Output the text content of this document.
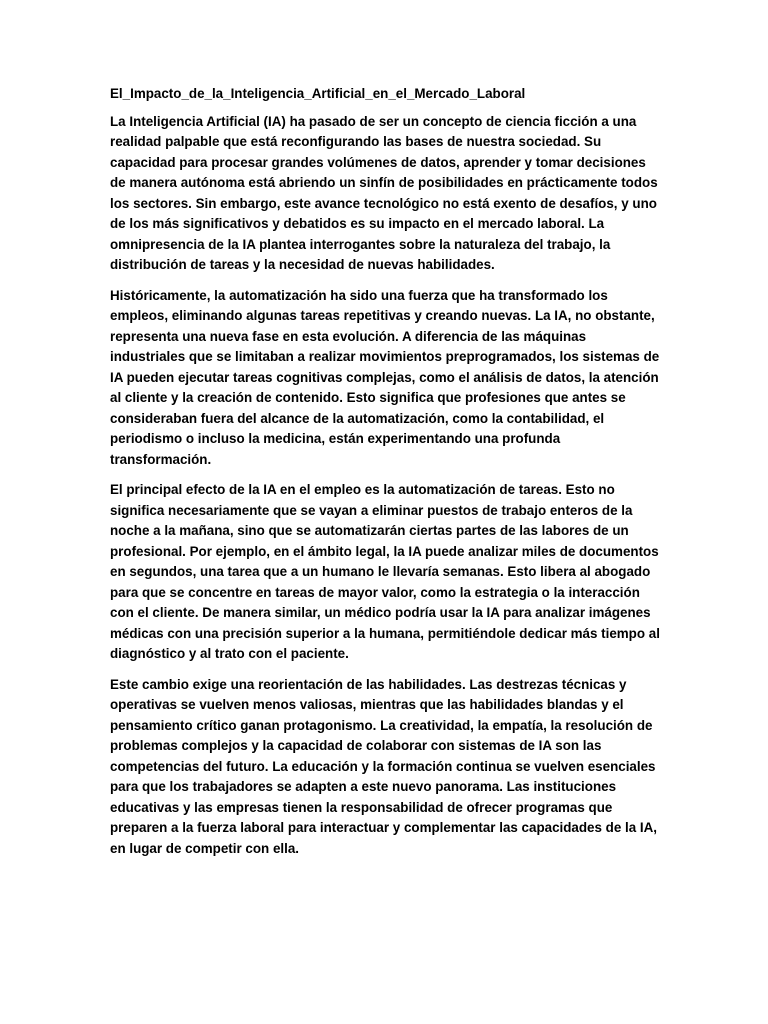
El_Impacto_de_la_Inteligencia_Artificial_en_el_Mercado_Laboral

La Inteligencia Artificial (IA) ha pasado de ser un concepto de ciencia ficción a una realidad palpable que está reconfigurando las bases de nuestra sociedad. Su capacidad para procesar grandes volúmenes de datos, aprender y tomar decisiones de manera autónoma está abriendo un sinfín de posibilidades en prácticamente todos los sectores. Sin embargo, este avance tecnológico no está exento de desafíos, y uno de los más significativos y debatidos es su impacto en el mercado laboral. La omnipresencia de la IA plantea interrogantes sobre la naturaleza del trabajo, la distribución de tareas y la necesidad de nuevas habilidades.

Históricamente, la automatización ha sido una fuerza que ha transformado los empleos, eliminando algunas tareas repetitivas y creando nuevas. La IA, no obstante, representa una nueva fase en esta evolución. A diferencia de las máquinas industriales que se limitaban a realizar movimientos preprogramados, los sistemas de IA pueden ejecutar tareas cognitivas complejas, como el análisis de datos, la atención al cliente y la creación de contenido. Esto significa que profesiones que antes se consideraban fuera del alcance de la automatización, como la contabilidad, el periodismo o incluso la medicina, están experimentando una profunda transformación.

El principal efecto de la IA en el empleo es la automatización de tareas. Esto no significa necesariamente que se vayan a eliminar puestos de trabajo enteros de la noche a la mañana, sino que se automatizarán ciertas partes de las labores de un profesional. Por ejemplo, en el ámbito legal, la IA puede analizar miles de documentos en segundos, una tarea que a un humano le llevaría semanas. Esto libera al abogado para que se concentre en tareas de mayor valor, como la estrategia o la interacción con el cliente. De manera similar, un médico podría usar la IA para analizar imágenes médicas con una precisión superior a la humana, permitiéndole dedicar más tiempo al diagnóstico y al trato con el paciente.

Este cambio exige una reorientación de las habilidades. Las destrezas técnicas y operativas se vuelven menos valiosas, mientras que las habilidades blandas y el pensamiento crítico ganan protagonismo. La creatividad, la empatía, la resolución de problemas complejos y la capacidad de colaborar con sistemas de IA son las competencias del futuro. La educación y la formación continua se vuelven esenciales para que los trabajadores se adapten a este nuevo panorama. Las instituciones educativas y las empresas tienen la responsabilidad de ofrecer programas que preparen a la fuerza laboral para interactuar y complementar las capacidades de la IA, en lugar de competir con ella.
